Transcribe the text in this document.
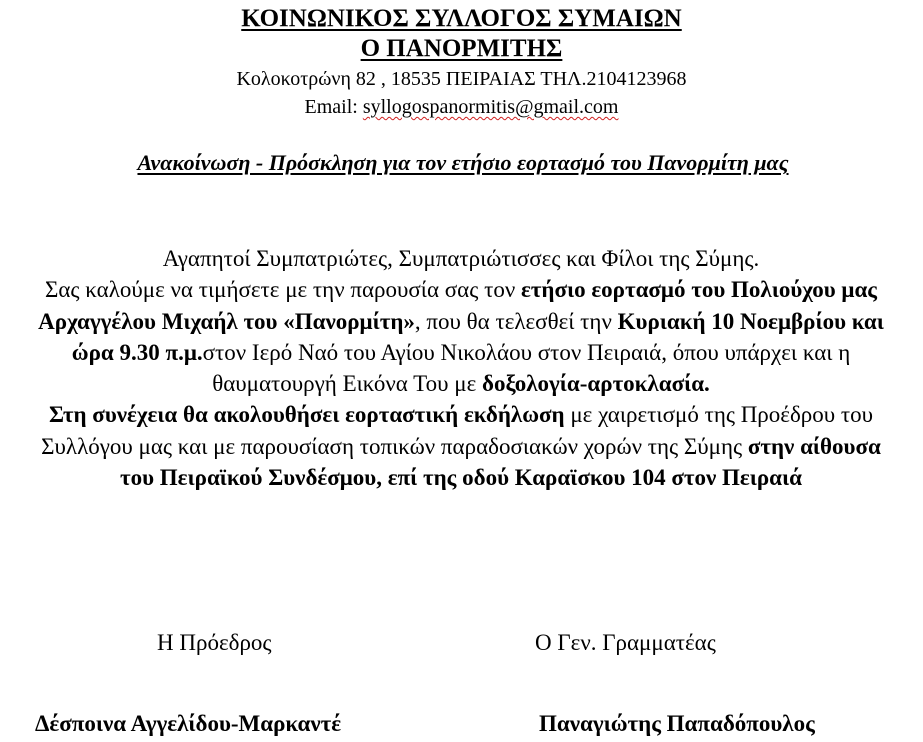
ΚΟΙΝΩΝΙΚΟΣ ΣΥΛΛΟΓΟΣ ΣΥΜΑΙΩΝ
Ο ΠΑΝΟΡΜΙΤΗΣ
Κολοκοτρώνη 82 , 18535 ΠΕΙΡΑΙΑΣ ΤΗΛ.2104123968
Email: syllogospanormitis@gmail.com
Ανακοίνωση - Πρόσκληση για τον ετήσιο εορτασμό του Πανορμίτη μας
Αγαπητοί Συμπατριώτες, Συμπατριώτισσες και Φίλοι της Σύμης.
Σας καλούμε να τιμήσετε με την παρουσία σας τον ετήσιο εορτασμό του Πολιούχου μας Αρχαγγέλου Μιχαήλ του «Πανορμίτη», που θα τελεσθεί την Κυριακή 10 Νοεμβρίου και ώρα 9.30 π.μ.στον Ιερό Ναό του Αγίου Νικολάου στον Πειραιά, όπου υπάρχει και η θαυματουργή Εικόνα Του με δοξολογία-αρτοκλασία.
Στη συνέχεια θα ακολουθήσει εορταστική εκδήλωση με χαιρετισμό της Προέδρου του Συλλόγου μας και με παρουσίαση τοπικών παραδοσιακών χορών της Σύμης στην αίθουσα του Πειραϊκού Συνδέσμου, επί της οδού Καραϊσκου 104 στον Πειραιά
Η Πρόεδρος	Ο Γεν. Γραμματέας
Δέσποινα Αγγελίδου-Μαρκαντέ	Παναγιώτης Παπαδόπουλος
